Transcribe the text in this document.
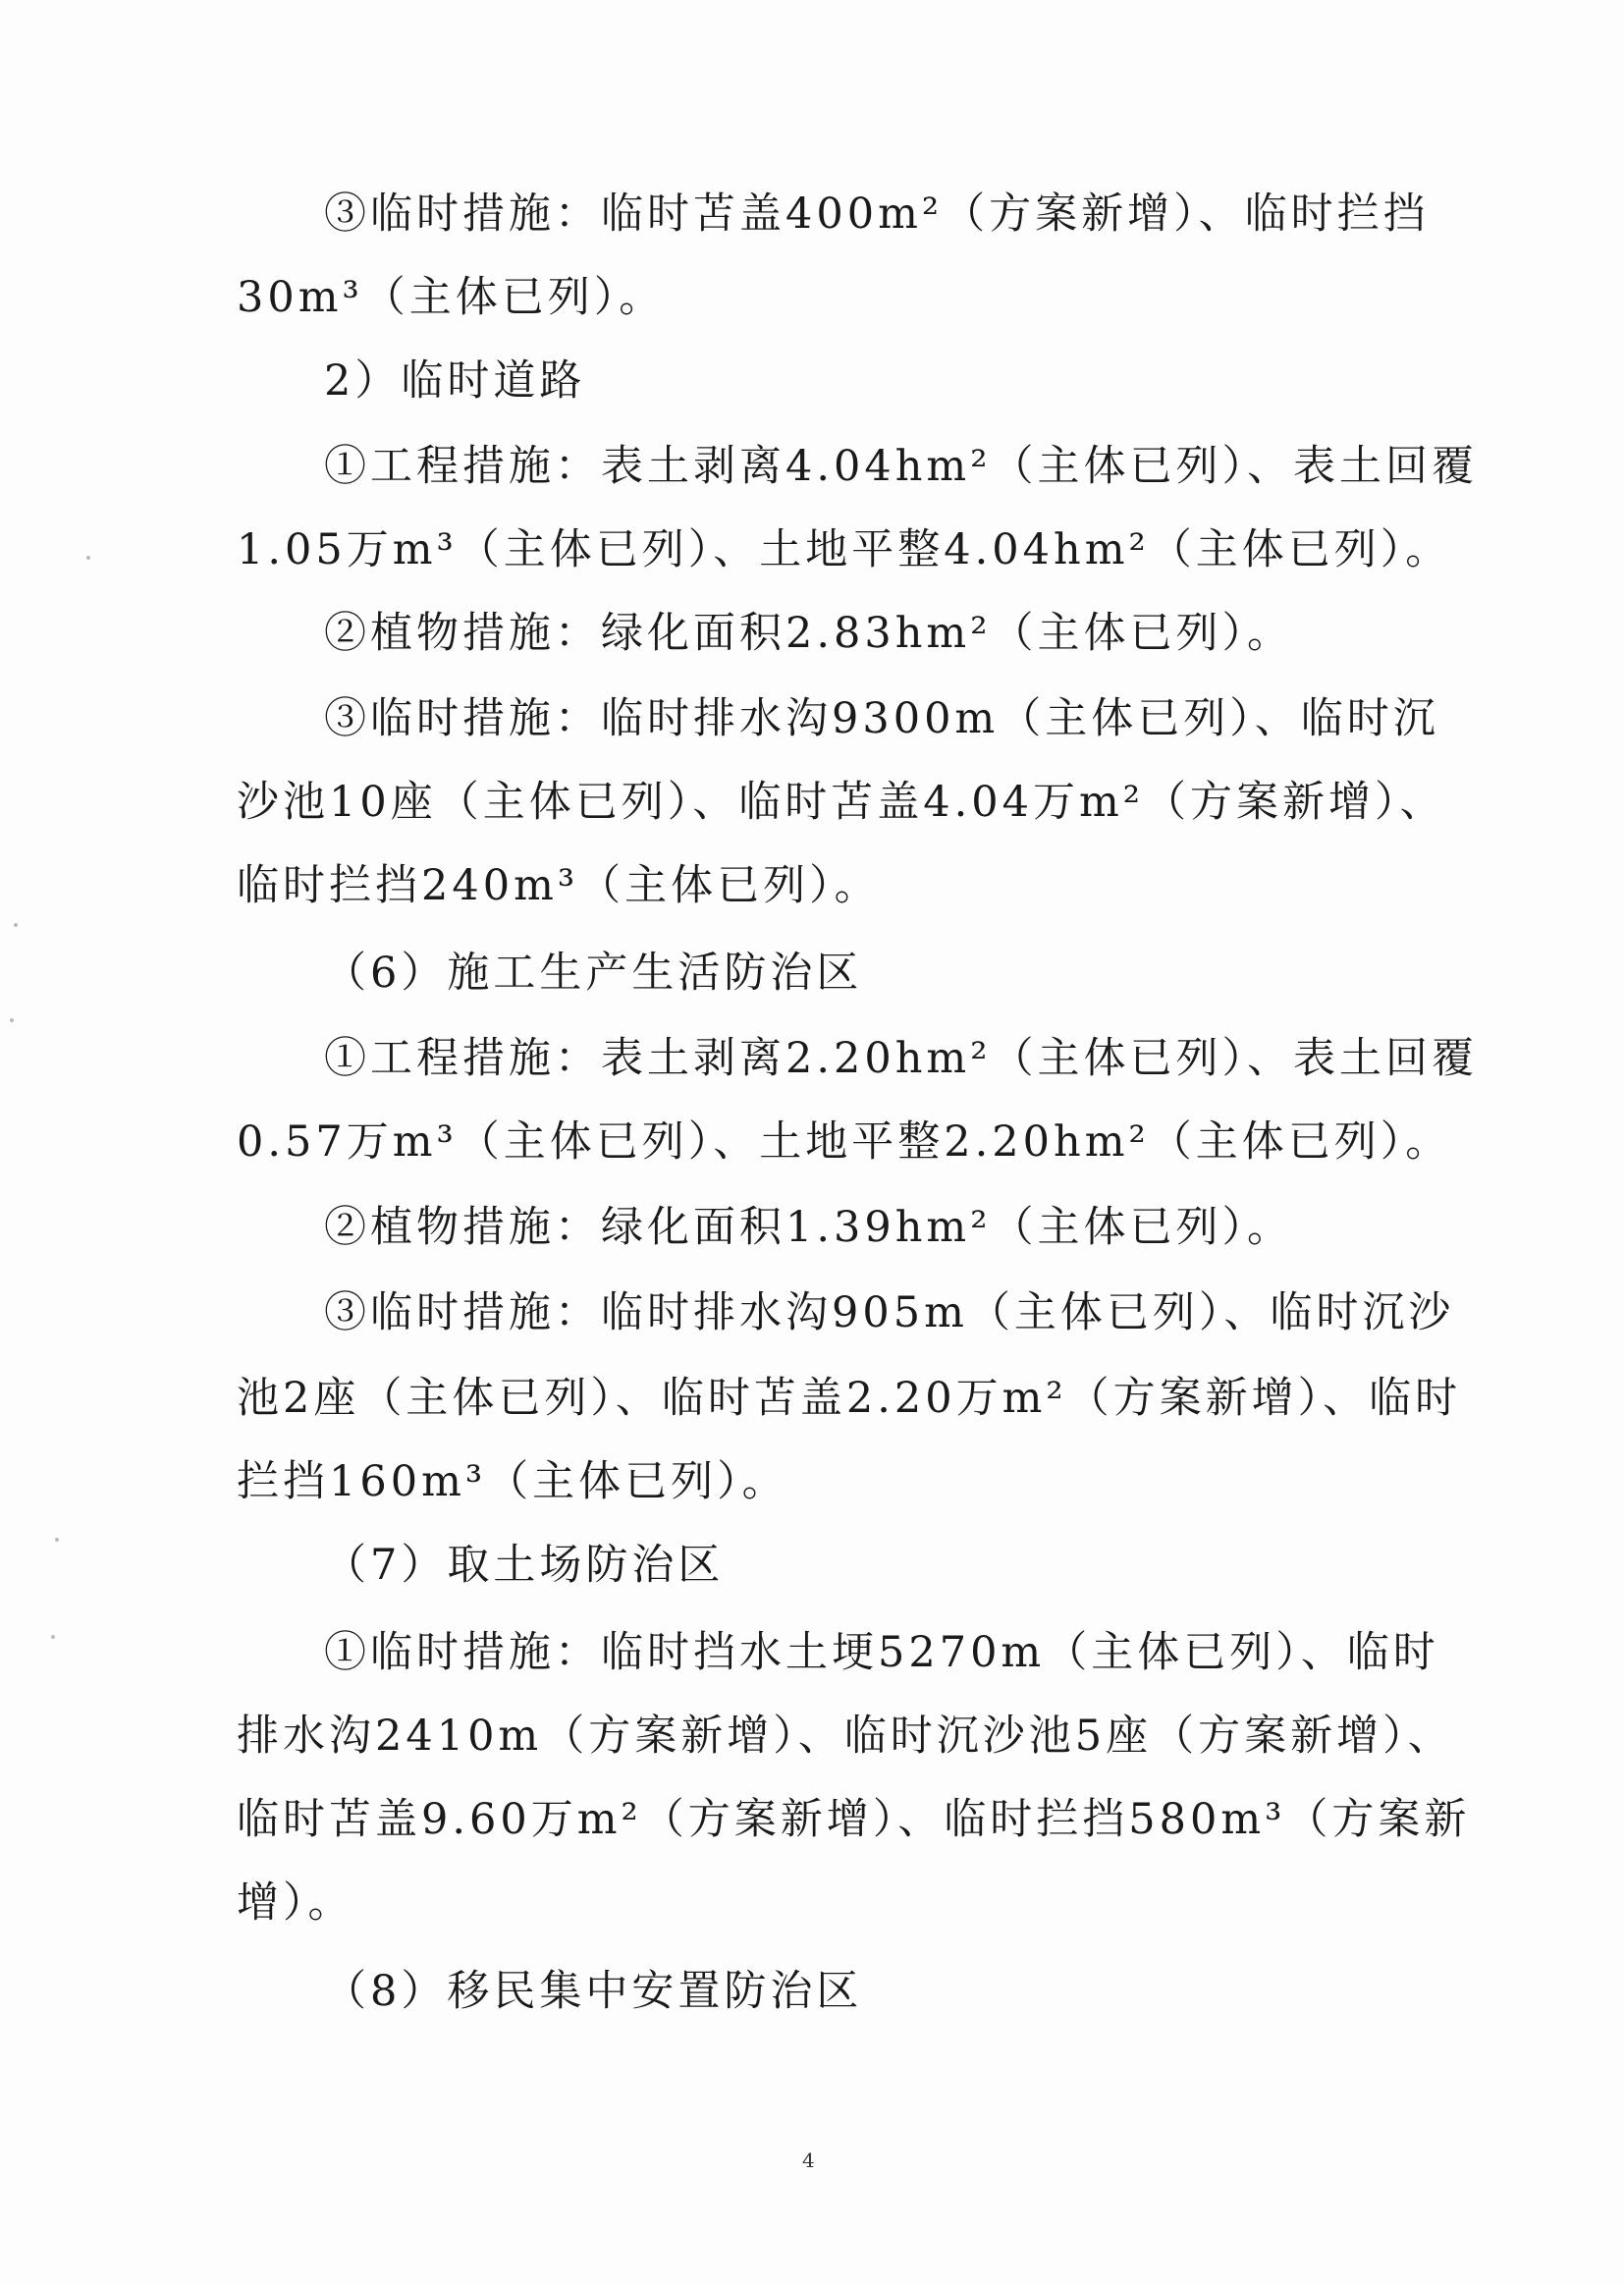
③临时措施：临时苫盖400m²（方案新增）、临时拦挡
30m³（主体已列）。
2）临时道路
①工程措施：表土剥离4.04hm²（主体已列）、表土回覆
1.05万m³（主体已列）、土地平整4.04hm²（主体已列）。
②植物措施：绿化面积2.83hm²（主体已列）。
③临时措施：临时排水沟9300m（主体已列）、临时沉
沙池10座（主体已列）、临时苫盖4.04万m²（方案新增）、
临时拦挡240m³（主体已列）。
（6）施工生产生活防治区
①工程措施：表土剥离2.20hm²（主体已列）、表土回覆
0.57万m³（主体已列）、土地平整2.20hm²（主体已列）。
②植物措施：绿化面积1.39hm²（主体已列）。
③临时措施：临时排水沟905m（主体已列）、临时沉沙
池2座（主体已列）、临时苫盖2.20万m²（方案新增）、临时
拦挡160m³（主体已列）。
（7）取土场防治区
①临时措施：临时挡水土埂5270m（主体已列）、临时
排水沟2410m（方案新增）、临时沉沙池5座（方案新增）、
临时苫盖9.60万m²（方案新增）、临时拦挡580m³（方案新
增）。
（8）移民集中安置防治区
4
